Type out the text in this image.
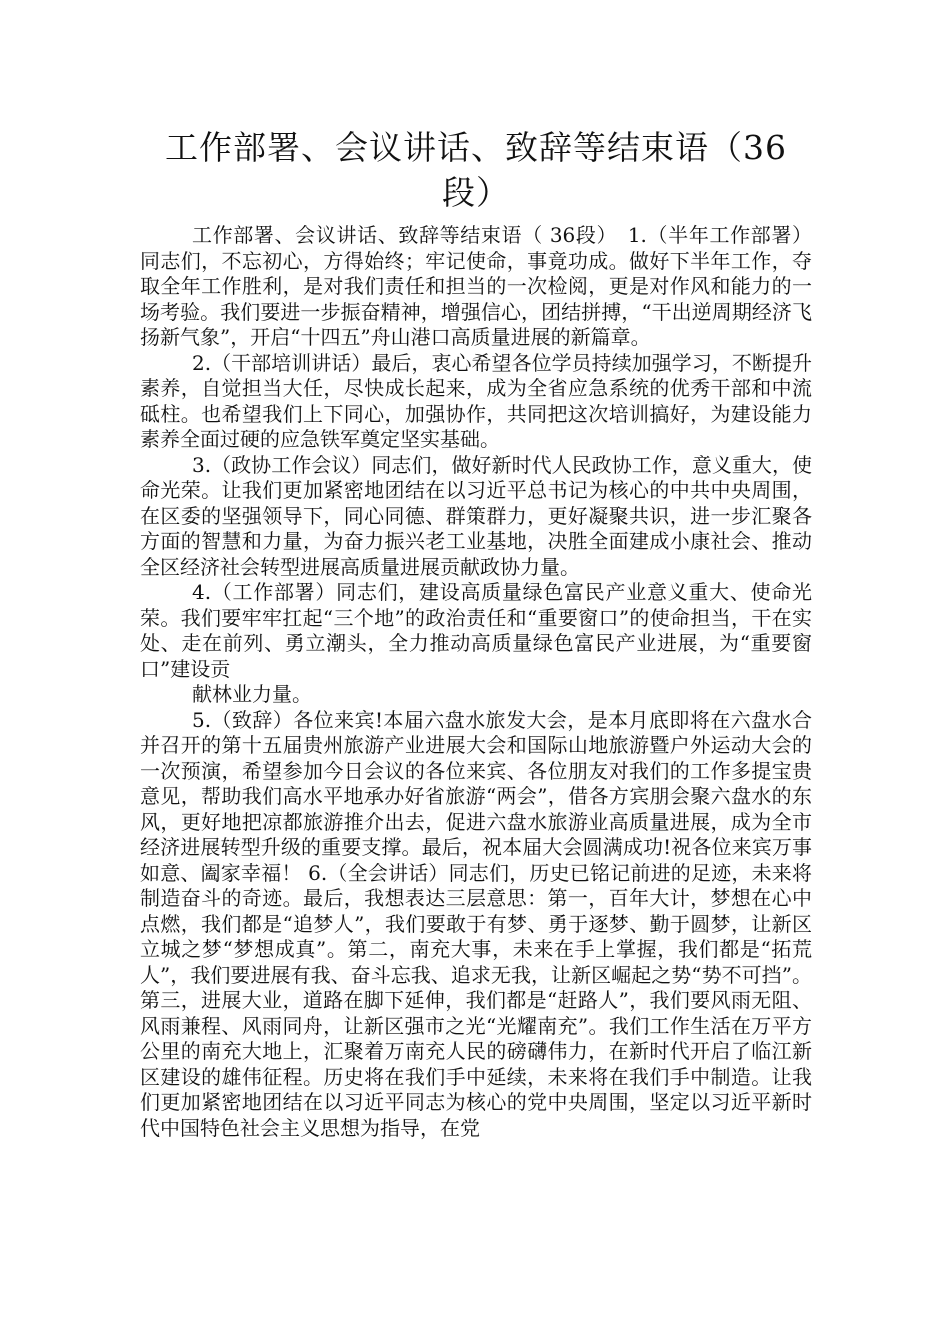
工作部署、会议讲话、致辞等结束语（36段）

工作部署、会议讲话、致辞等结束语（ 36段）　1.（半年工作部署）同志们，不忘初心，方得始终；牢记使命，事竟功成。做好下半年工作，夺取全年工作胜利，是对我们责任和担当的一次检阅，更是对作风和能力的一场考验。我们要进一步振奋精神，增强信心，团结拼搏，“干出逆周期经济飞扬新气象”，开启“十四五”舟山港口高质量进展的新篇章。

2.（干部培训讲话）最后，衷心希望各位学员持续加强学习，不断提升素养，自觉担当大任，尽快成长起来，成为全省应急系统的优秀干部和中流砥柱。也希望我们上下同心，加强协作，共同把这次培训搞好，为建设能力素养全面过硬的应急铁军奠定坚实基础。

3.（政协工作会议）同志们，做好新时代人民政协工作，意义重大，使命光荣。让我们更加紧密地团结在以习近平总书记为核心的中共中央周围，在区委的坚强领导下，同心同德、群策群力，更好凝聚共识，进一步汇聚各方面的智慧和力量，为奋力振兴老工业基地，决胜全面建成小康社会、推动全区经济社会转型进展高质量进展贡献政协力量。

4.（工作部署）同志们，建设高质量绿色富民产业意义重大、使命光荣。我们要牢牢扛起“三个地”的政治责任和“重要窗口”的使命担当，干在实处、走在前列、勇立潮头，全力推动高质量绿色富民产业进展，为“重要窗口”建设贡

献林业力量。

5.（致辞）各位来宾!本届六盘水旅发大会，是本月底即将在六盘水合并召开的第十五届贵州旅游产业进展大会和国际山地旅游暨户外运动大会的一次预演，希望参加今日会议的各位来宾、各位朋友对我们的工作多提宝贵意见，帮助我们高水平地承办好省旅游“两会”，借各方宾朋会聚六盘水的东风，更好地把凉都旅游推介出去，促进六盘水旅游业高质量进展，成为全市经济进展转型升级的重要支撑。最后，祝本届大会圆满成功!祝各位来宾万事如意、阖家幸福！ 6.（全会讲话）同志们，历史已铭记前进的足迹，未来将制造奋斗的奇迹。最后，我想表达三层意思：第一，百年大计，梦想在心中点燃，我们都是“追梦人”，我们要敢于有梦、勇于逐梦、勤于圆梦，让新区立城之梦“梦想成真”。第二，南充大事，未来在手上掌握，我们都是“拓荒人”，我们要进展有我、奋斗忘我、追求无我，让新区崛起之势“势不可挡”。第三，进展大业，道路在脚下延伸，我们都是“赶路人”，我们要风雨无阻、风雨兼程、风雨同舟，让新区强市之光“光耀南充”。我们工作生活在万平方公里的南充大地上，汇聚着万南充人民的磅礴伟力，在新时代开启了临江新区建设的雄伟征程。历史将在我们手中延续，未来将在我们手中制造。让我们更加紧密地团结在以习近平同志为核心的党中央周围，坚定以习近平新时代中国特色社会主义思想为指导，在党
